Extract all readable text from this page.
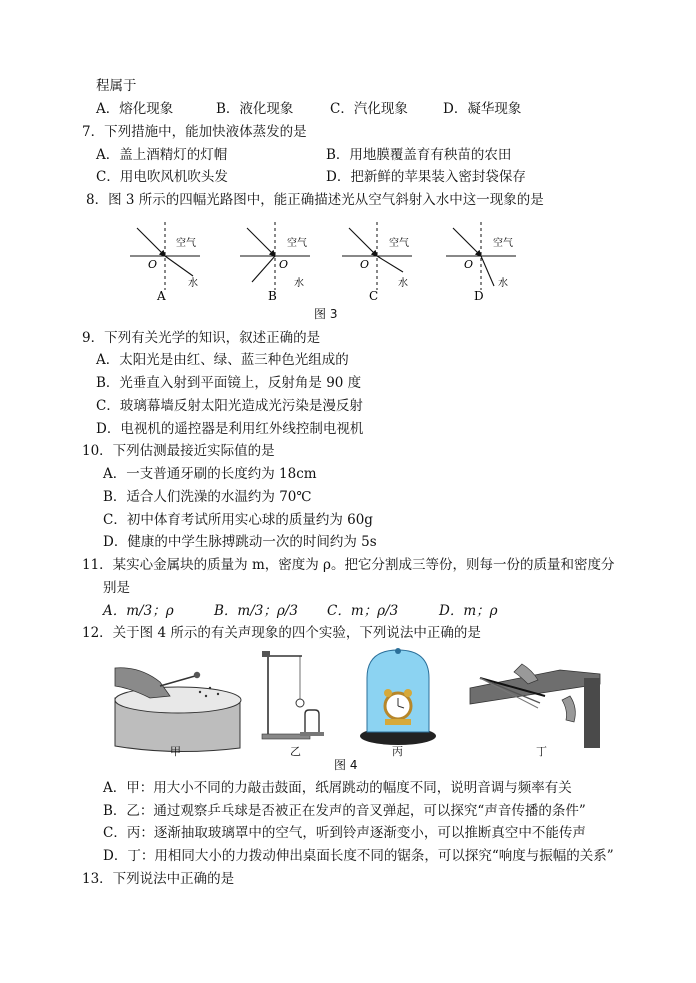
程属于
A．熔化现象	B．液化现象	C．汽化现象	D．凝华现象
7．下列措施中，能加快液体蒸发的是
A．盖上酒精灯的灯帽	B．用地膜覆盖育有秧苗的农田
C．用电吹风机吹头发	D．把新鲜的苹果装入密封袋保存
8．图 3 所示的四幅光路图中，能正确描述光从空气斜射入水中这一现象的是
空气
O
水
A
空气
O
水
B
空气
O
水
C
空气
O
水
D
图 3
9．下列有关光学的知识，叙述正确的是
A．太阳光是由红、绿、蓝三种色光组成的
B．光垂直入射到平面镜上，反射角是 90 度
C．玻璃幕墙反射太阳光造成光污染是漫反射
D．电视机的遥控器是利用红外线控制电视机
10．下列估测最接近实际值的是
A．一支普通牙刷的长度约为 18cm
B．适合人们洗澡的水温约为 70℃
C．初中体育考试所用实心球的质量约为 60g
D．健康的中学生脉搏跳动一次的时间约为 5s
11．某实心金属块的质量为 m，密度为 ρ。把它分割成三等份，则每一份的质量和密度分
别是
A．m/3；ρ	B．m/3；ρ/3 C．m；ρ/3	D．m；ρ
12．关于图 4 所示的有关声现象的四个实验，下列说法中正确的是
甲	乙	丙	丁
图 4
A．甲：用大小不同的力敲击鼓面，纸屑跳动的幅度不同，说明音调与频率有关
B．乙：通过观察乒乓球是否被正在发声的音叉弹起，可以探究“声音传播的条件”
C．丙：逐渐抽取玻璃罩中的空气，听到铃声逐渐变小，可以推断真空中不能传声
D．丁：用相同大小的力拨动伸出桌面长度不同的锯条，可以探究“响度与振幅的关系”
13．下列说法中正确的是
